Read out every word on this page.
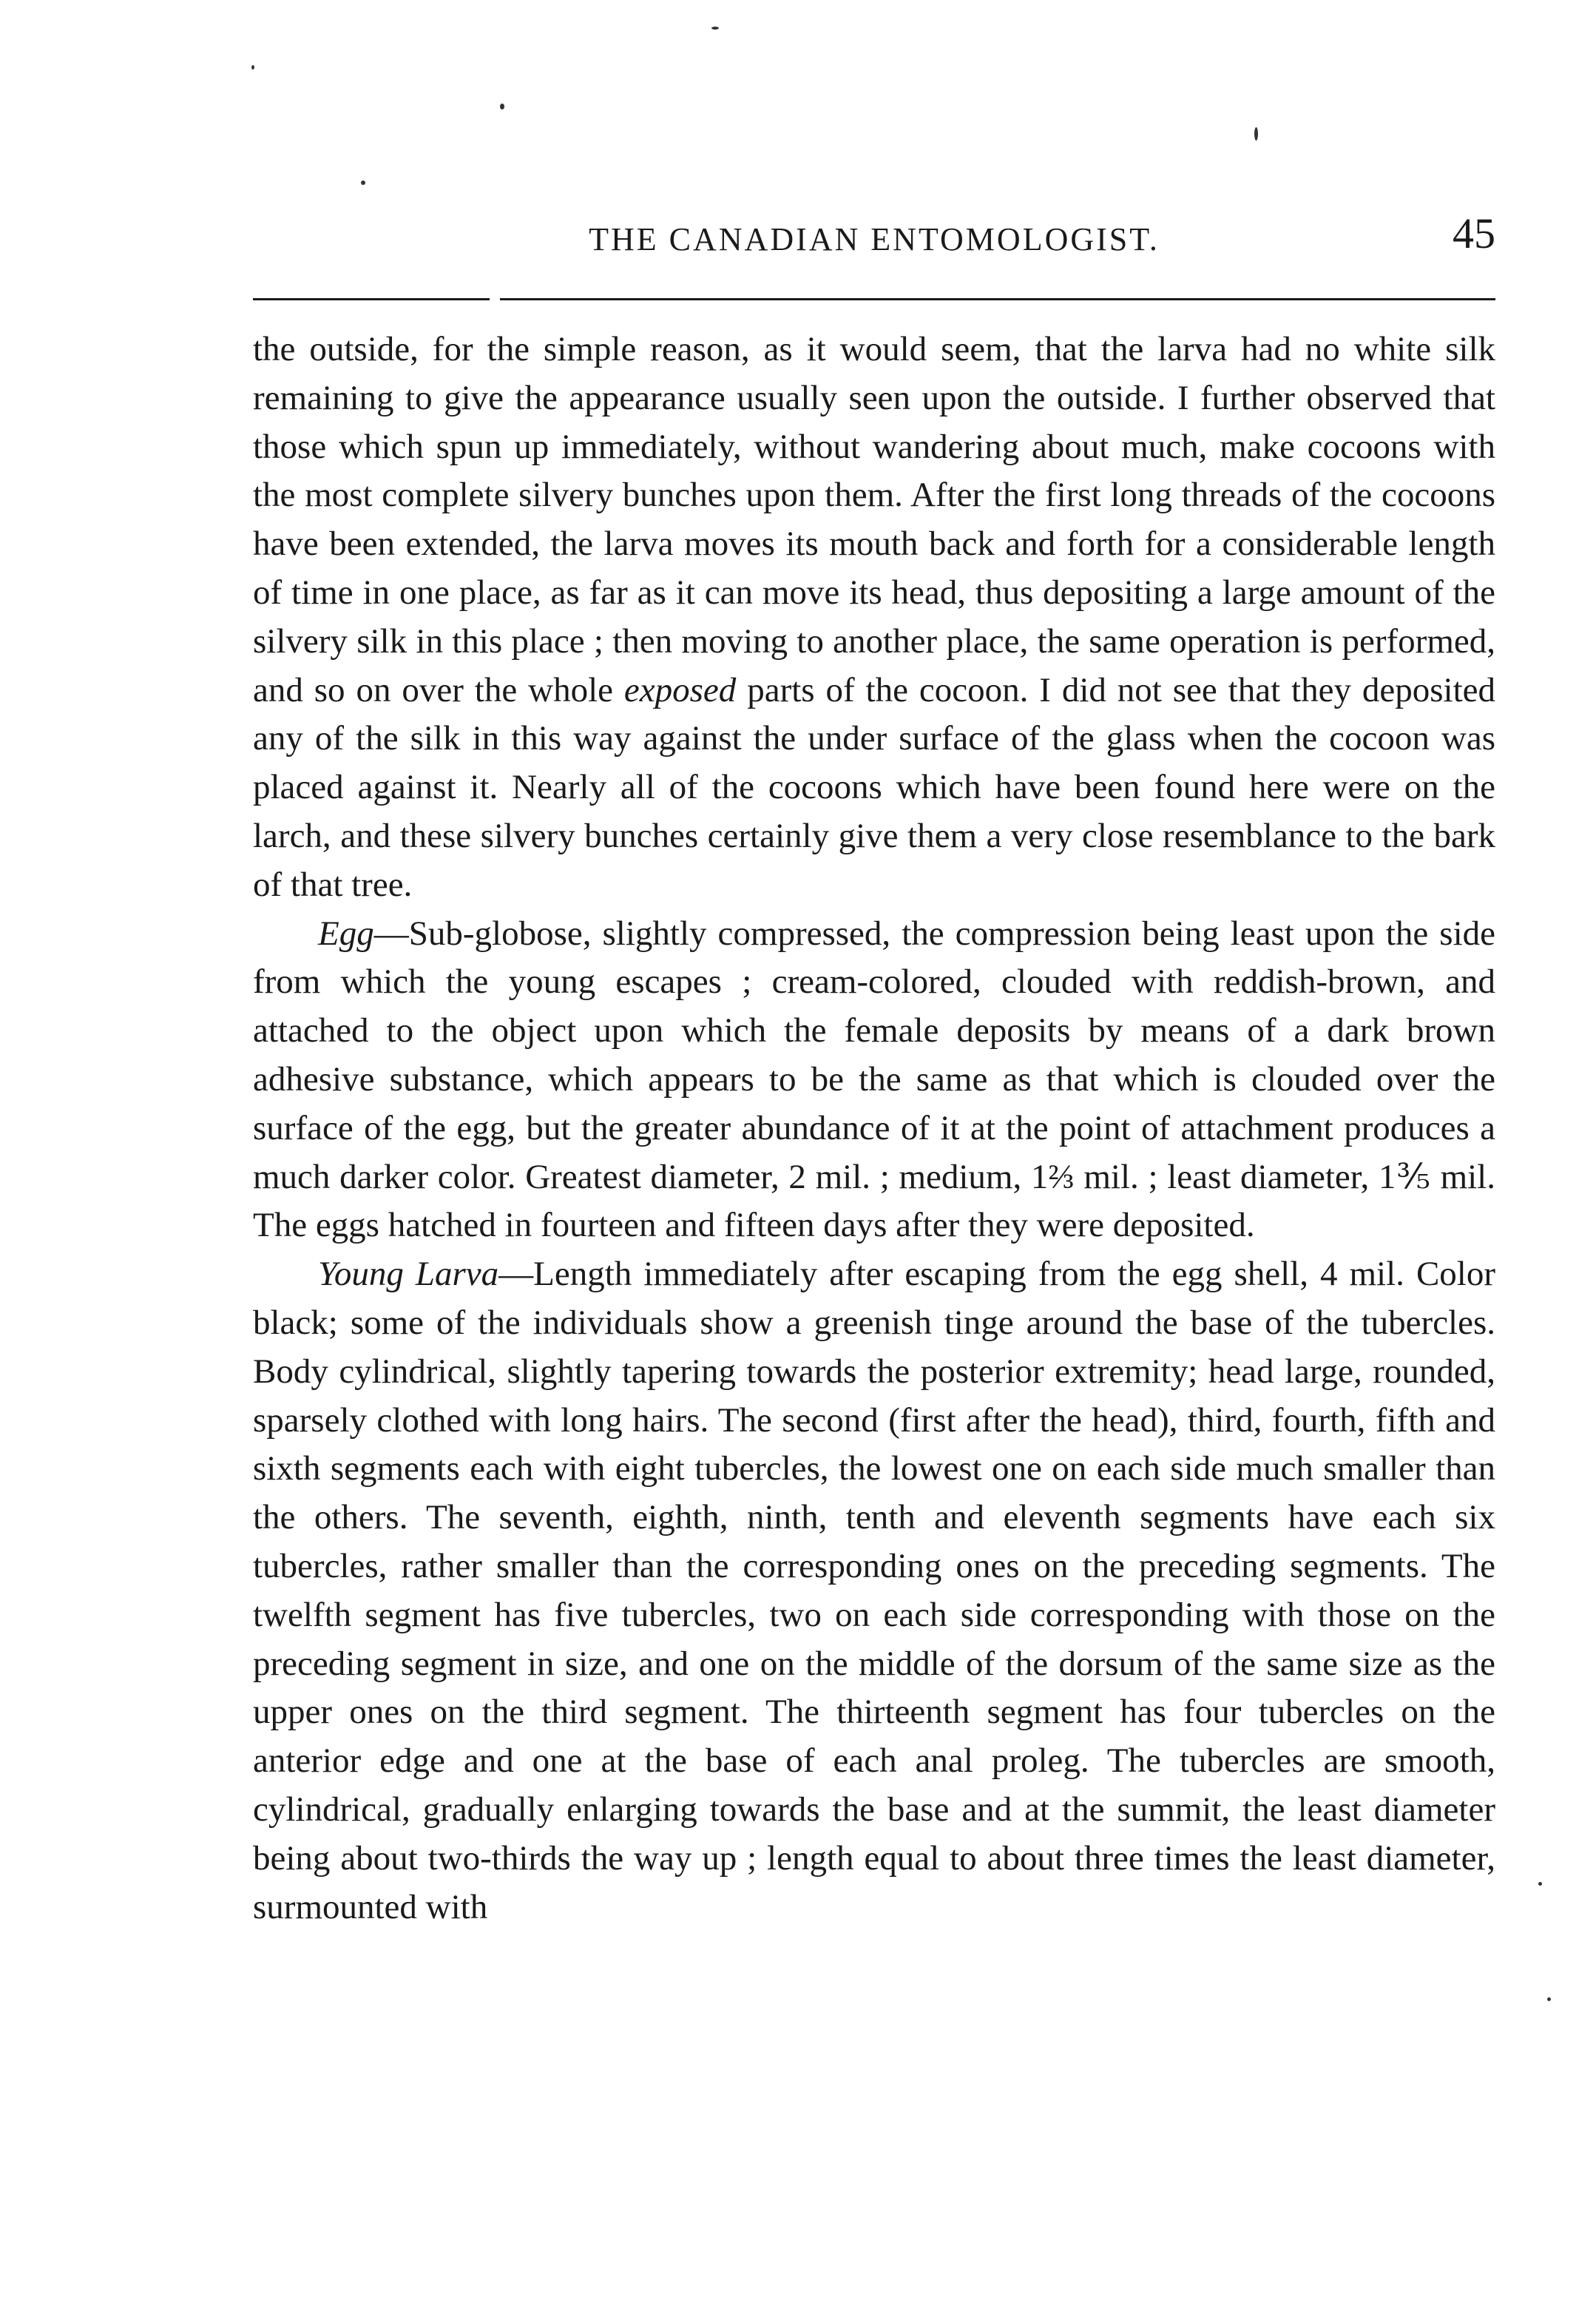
THE CANADIAN ENTOMOLOGIST.	45

the outside, for the simple reason, as it would seem, that the larva had no white silk remaining to give the appearance usually seen upon the outside. I further observed that those which spun up immediately, without wandering about much, make cocoons with the most complete silvery bunches upon them. After the first long threads of the cocoons have been extended, the larva moves its mouth back and forth for a considerable length of time in one place, as far as it can move its head, thus depositing a large amount of the silvery silk in this place ; then moving to another place, the same operation is performed, and so on over the whole exposed parts of the cocoon. I did not see that they deposited any of the silk in this way against the under surface of the glass when the cocoon was placed against it. Nearly all of the cocoons which have been found here were on the larch, and these silvery bunches certainly give them a very close resemblance to the bark of that tree.

Egg—Sub-globose, slightly compressed, the compression being least upon the side from which the young escapes ; cream-colored, clouded with reddish-brown, and attached to the object upon which the female deposits by means of a dark brown adhesive substance, which appears to be the same as that which is clouded over the surface of the egg, but the greater abundance of it at the point of attachment produces a much darker color. Greatest diameter, 2 mil. ; medium, 1⅔ mil. ; least diameter, 1⅗ mil. The eggs hatched in fourteen and fifteen days after they were deposited.

Young Larva—Length immediately after escaping from the egg shell, 4 mil. Color black; some of the individuals show a greenish tinge around the base of the tubercles. Body cylindrical, slightly tapering towards the posterior extremity; head large, rounded, sparsely clothed with long hairs. The second (first after the head), third, fourth, fifth and sixth segments each with eight tubercles, the lowest one on each side much smaller than the others. The seventh, eighth, ninth, tenth and eleventh segments have each six tubercles, rather smaller than the corresponding ones on the preceding segments. The twelfth segment has five tubercles, two on each side corresponding with those on the preceding segment in size, and one on the middle of the dorsum of the same size as the upper ones on the third segment. The thirteenth segment has four tubercles on the anterior edge and one at the base of each anal proleg. The tubercles are smooth, cylindrical, gradually enlarging towards the base and at the summit, the least diameter being about two-thirds the way up ; length equal to about three times the least diameter, surmounted with
